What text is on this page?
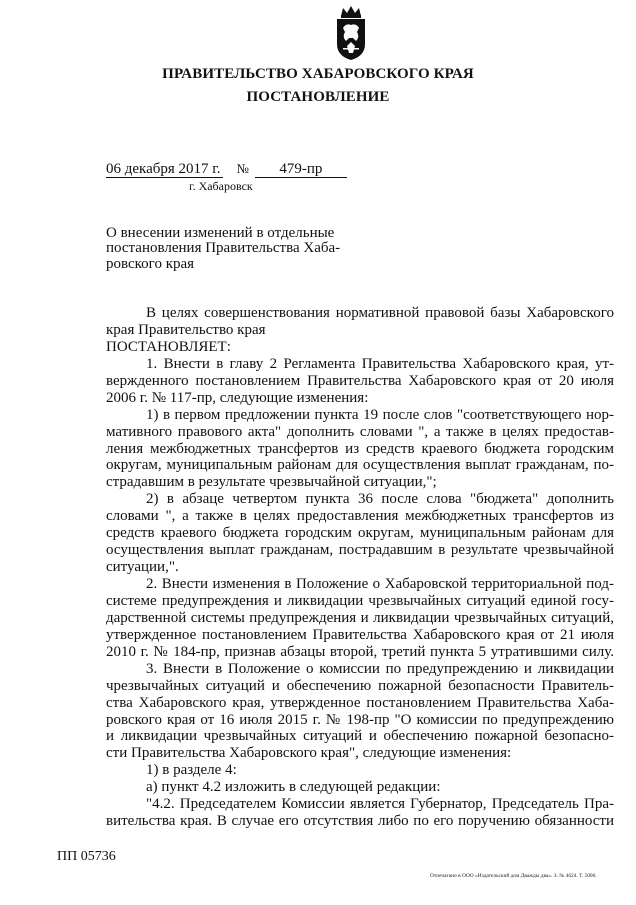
ПРАВИТЕЛЬСТВО ХАБАРОВСКОГО КРАЯ
ПОСТАНОВЛЕНИЕ
06 декабря 2017 г. № 479-пр
г. Хабаровск
О внесении изменений в отдельные
постановления Правительства Хаба-
ровского края
В целях совершенствования нормативной правовой базы Хабаровского
края Правительство края
ПОСТАНОВЛЯЕТ:
1. Внести в главу 2 Регламента Правительства Хабаровского края, ут-
вержденного постановлением Правительства Хабаровского края от 20 июля
2006 г. № 117-пр, следующие изменения:
1) в первом предложении пункта 19 после слов "соответствующего нор-
мативного правового акта" дополнить словами ", а также в целях предостав-
ления межбюджетных трансфертов из средств краевого бюджета городским
округам, муниципальным районам для осуществления выплат гражданам, по-
страдавшим в результате чрезвычайной ситуации,";
2) в абзаце четвертом пункта 36 после слова "бюджета" дополнить
словами ", а также в целях предоставления межбюджетных трансфертов из
средств краевого бюджета городским округам, муниципальным районам для
осуществления выплат гражданам, пострадавшим в результате чрезвычайной
ситуации,".
2. Внести изменения в Положение о Хабаровской территориальной под-
системе предупреждения и ликвидации чрезвычайных ситуаций единой госу-
дарственной системы предупреждения и ликвидации чрезвычайных ситуаций,
утвержденное постановлением Правительства Хабаровского края от 21 июля
2010 г. № 184-пр, признав абзацы второй, третий пункта 5 утратившими силу.
3. Внести в Положение о комиссии по предупреждению и ликвидации
чрезвычайных ситуаций и обеспечению пожарной безопасности Правитель-
ства Хабаровского края, утвержденное постановлением Правительства Хаба-
ровского края от 16 июля 2015 г. № 198-пр "О комиссии по предупреждению
и ликвидации чрезвычайных ситуаций и обеспечению пожарной безопасно-
сти Правительства Хабаровского края", следующие изменения:
1) в разделе 4:
а) пункт 4.2 изложить в следующей редакции:
"4.2. Председателем Комиссии является Губернатор, Председатель Пра-
вительства края. В случае его отсутствия либо по его поручению обязанности
ПП 05736
Отпечатано в ООО «Издательский дом Дважды два». З. № 4624. Т. 5000.
